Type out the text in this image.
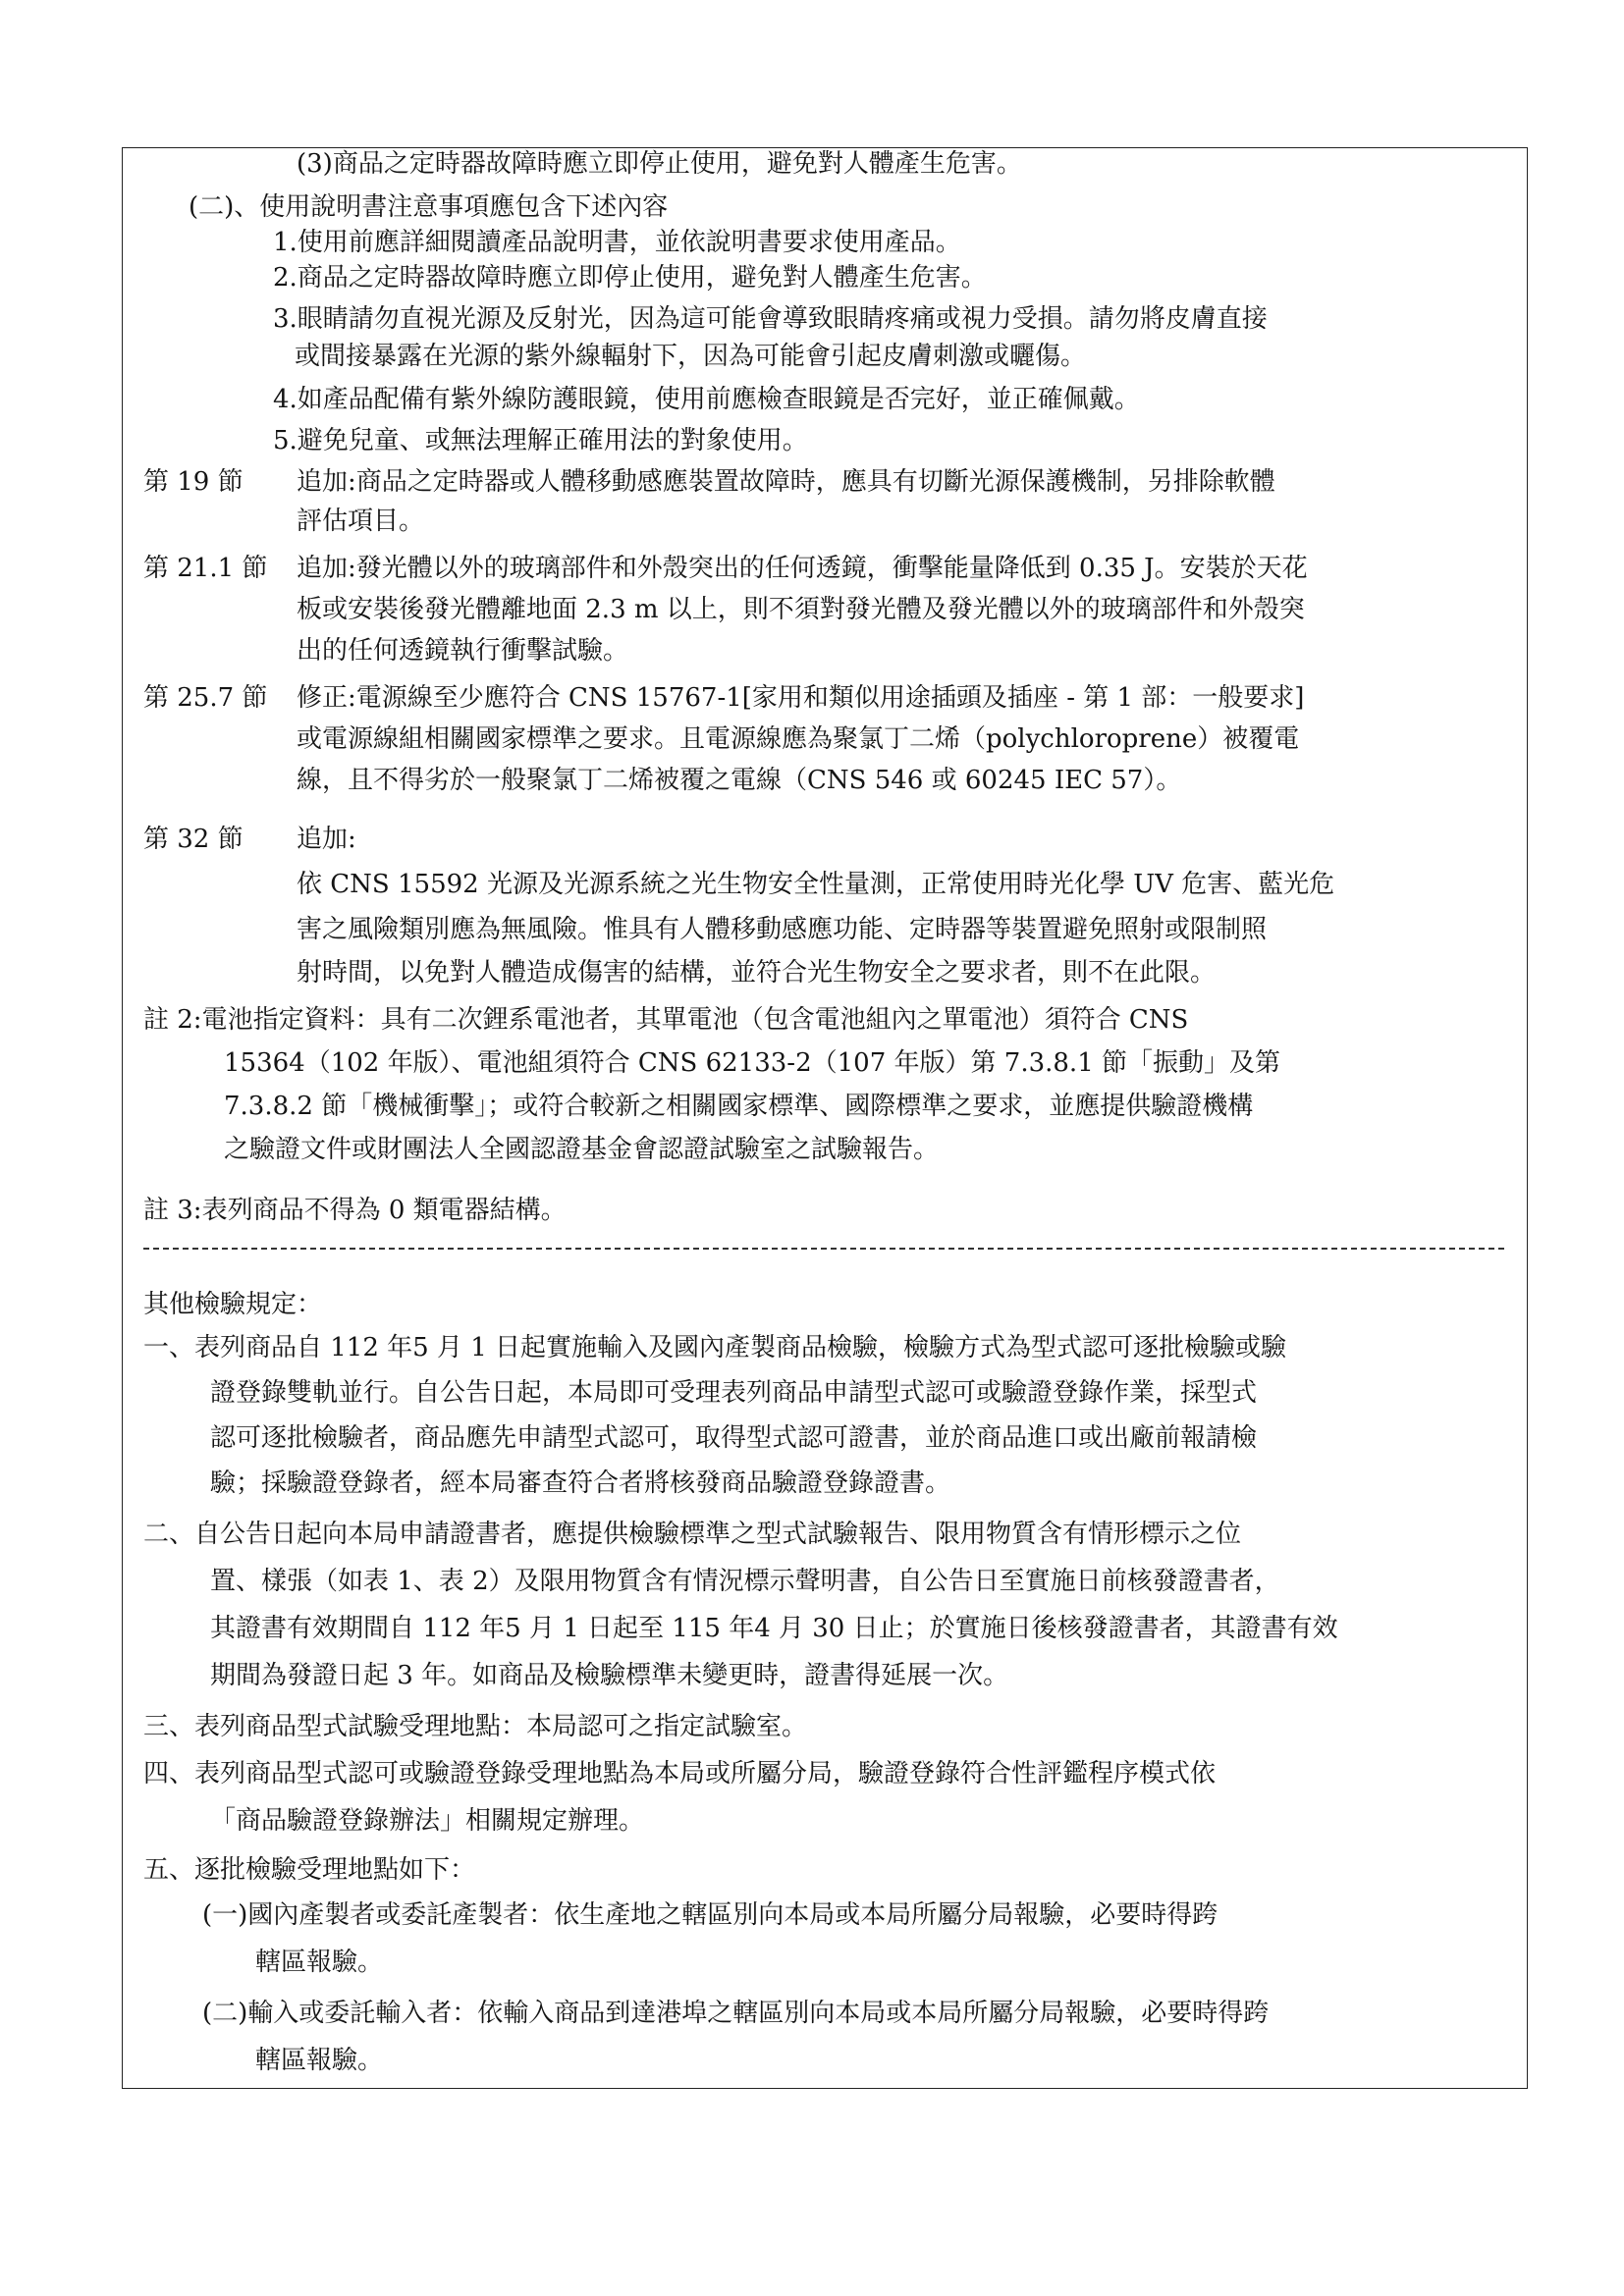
(3)商品之定時器故障時應立即停止使用，避免對人體產生危害。
(二)、使用說明書注意事項應包含下述內容
1.使用前應詳細閱讀產品說明書，並依說明書要求使用產品。
2.商品之定時器故障時應立即停止使用，避免對人體產生危害。
3.眼睛請勿直視光源及反射光，因為這可能會導致眼睛疼痛或視力受損。請勿將皮膚直接
或間接暴露在光源的紫外線輻射下，因為可能會引起皮膚刺激或曬傷。
4.如產品配備有紫外線防護眼鏡，使用前應檢查眼鏡是否完好，並正確佩戴。
5.避免兒童、或無法理解正確用法的對象使用。
第 19 節 追加:商品之定時器或人體移動感應裝置故障時，應具有切斷光源保護機制，另排除軟體
評估項目。
第 21.1 節 追加:發光體以外的玻璃部件和外殼突出的任何透鏡，衝擊能量降低到 0.35 J。安裝於天花
板或安裝後發光體離地面 2.3 m 以上，則不須對發光體及發光體以外的玻璃部件和外殼突
出的任何透鏡執行衝擊試驗。
第 25.7 節 修正:電源線至少應符合 CNS 15767-1[家用和類似用途插頭及插座 - 第 1 部：一般要求]
或電源線組相關國家標準之要求。且電源線應為聚氯丁二烯（polychloroprene）被覆電
線，且不得劣於一般聚氯丁二烯被覆之電線（CNS 546 或 60245 IEC 57）。
第 32 節 追加:
依 CNS 15592 光源及光源系統之光生物安全性量測，正常使用時光化學 UV 危害、藍光危
害之風險類別應為無風險。惟具有人體移動感應功能、定時器等裝置避免照射或限制照
射時間，以免對人體造成傷害的結構，並符合光生物安全之要求者，則不在此限。
註 2:電池指定資料：具有二次鋰系電池者，其單電池（包含電池組內之單電池）須符合 CNS
15364（102 年版）、電池組須符合 CNS 62133-2（107 年版）第 7.3.8.1 節「振動」及第
7.3.8.2 節「機械衝擊」；或符合較新之相關國家標準、國際標準之要求，並應提供驗證機構
之驗證文件或財團法人全國認證基金會認證試驗室之試驗報告。
註 3:表列商品不得為 0 類電器結構。
其他檢驗規定：
一、表列商品自 112 年5 月 1 日起實施輸入及國內產製商品檢驗，檢驗方式為型式認可逐批檢驗或驗
證登錄雙軌並行。自公告日起，本局即可受理表列商品申請型式認可或驗證登錄作業，採型式
認可逐批檢驗者，商品應先申請型式認可，取得型式認可證書，並於商品進口或出廠前報請檢
驗；採驗證登錄者，經本局審查符合者將核發商品驗證登錄證書。
二、自公告日起向本局申請證書者，應提供檢驗標準之型式試驗報告、限用物質含有情形標示之位
置、樣張（如表 1、表 2）及限用物質含有情況標示聲明書，自公告日至實施日前核發證書者，
其證書有效期間自 112 年5 月 1 日起至 115 年4 月 30 日止；於實施日後核發證書者，其證書有效
期間為發證日起 3 年。如商品及檢驗標準未變更時，證書得延展一次。
三、表列商品型式試驗受理地點：本局認可之指定試驗室。
四、表列商品型式認可或驗證登錄受理地點為本局或所屬分局，驗證登錄符合性評鑑程序模式依
「商品驗證登錄辦法」相關規定辦理。
五、逐批檢驗受理地點如下：
(一)國內產製者或委託產製者：依生產地之轄區別向本局或本局所屬分局報驗，必要時得跨
轄區報驗。
(二)輸入或委託輸入者：依輸入商品到達港埠之轄區別向本局或本局所屬分局報驗，必要時得跨
轄區報驗。
